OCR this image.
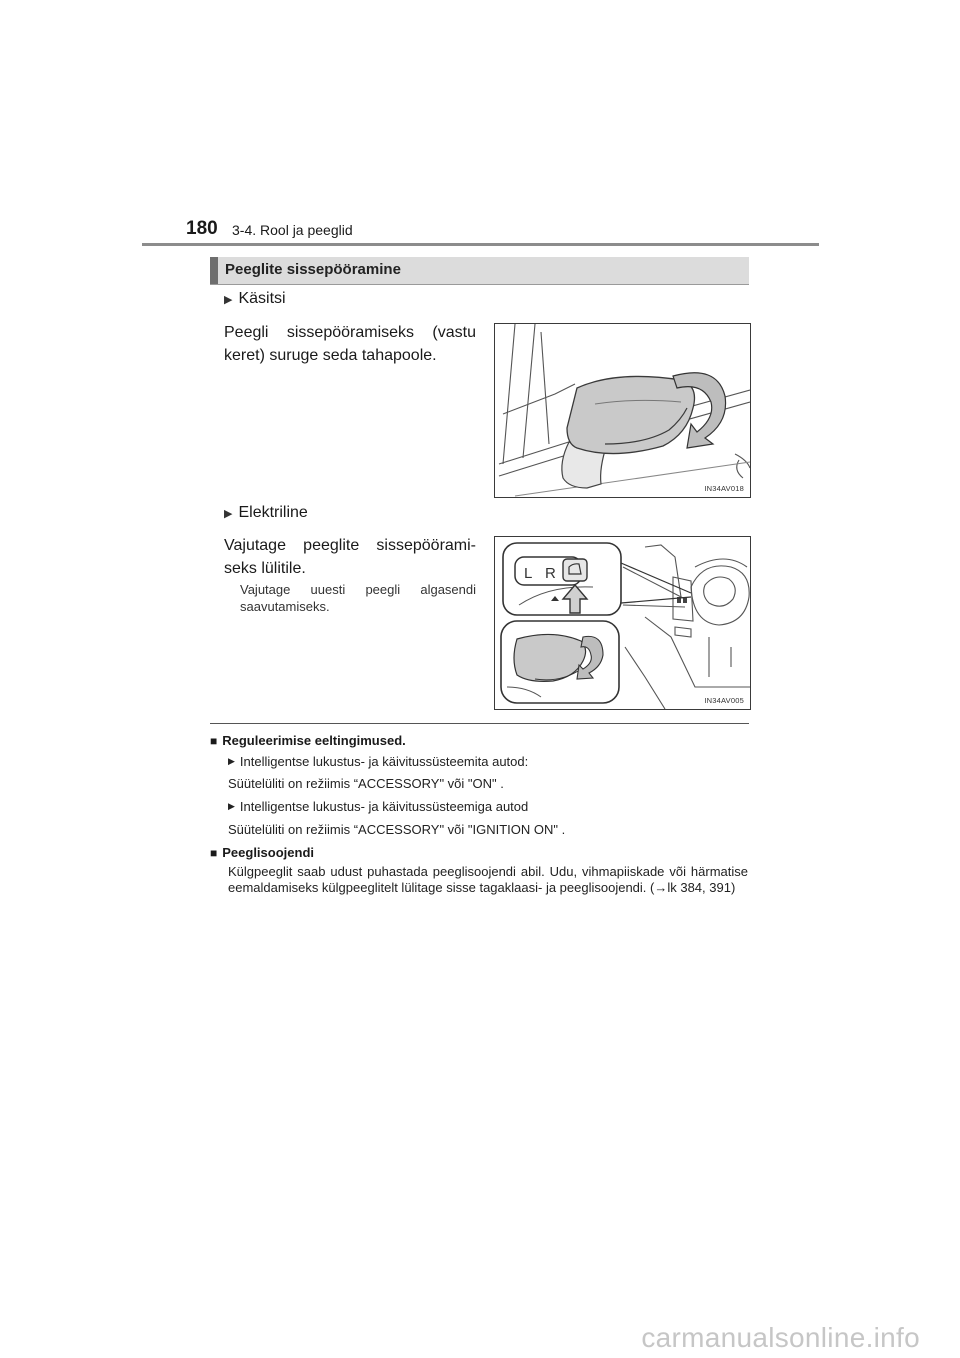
180 3-4. Rool ja peeglid
Peeglite sissepööramine
▶ Käsitsi
Peegli sissepööramiseks (vastu keret) suruge seda tahapoole.
IN34AV018
▶ Elektriline
Vajutage peeglite sissepööramiseks lülitile.
Vajutage uuesti peegli algasendi saavutamiseks.
L R
IN34AV005
■ Reguleerimise eeltingimused.
▶ Intelligentse lukustus- ja käivitussüsteemita autod:
Süütelüliti on režiimis “ACCESSORY" või "ON" .
▶ Intelligentse lukustus- ja käivitussüsteemiga autod
Süütelüliti on režiimis “ACCESSORY" või "IGNITION ON" .
■ Peeglisoojendi
Külgpeeglit saab udust puhastada peeglisoojendi abil. Udu, vihmapiiskade või härmatise eemaldamiseks külgpeeglitelt lülitage sisse tagaklaasi- ja peeglisoojendi. (→lk 384, 391)
carmanualsonline.info
